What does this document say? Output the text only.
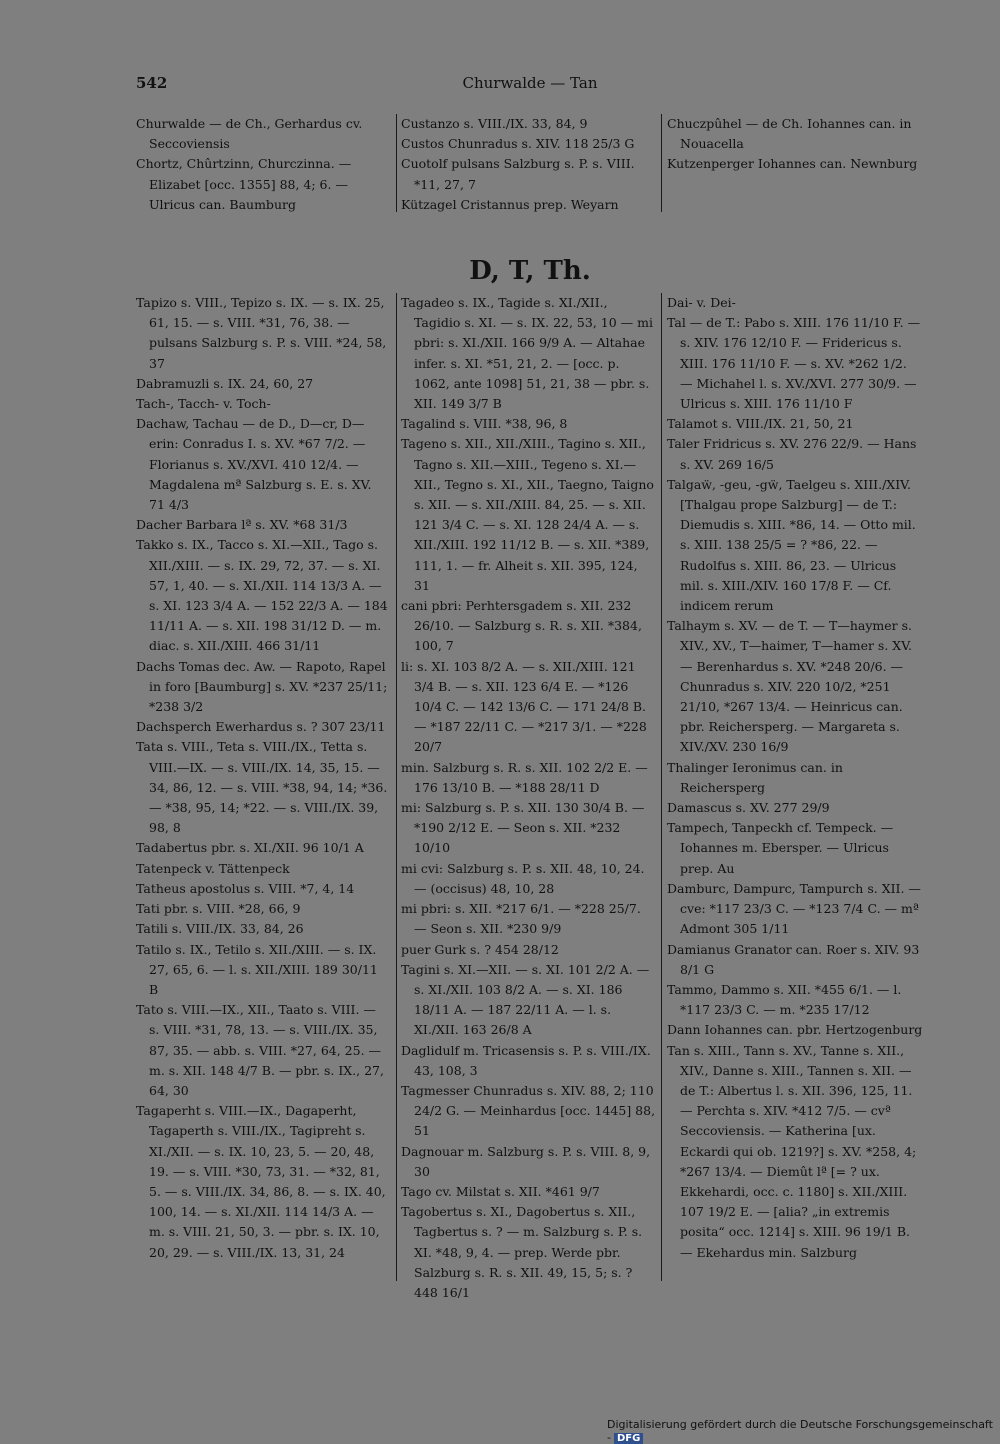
542	Churwalde — Tan

Churwalde — de Ch., Gerhardus cv. Seccoviensis

Chortz, Chûrtzinn, Churczinna. — Elizabet [occ. 1355] 88, 4; 6. — Ulricus can. Baumburg

Custanzo s. VIII./IX. 33, 84, 9

Custos Chunradus s. XIV. 118 25/3 G

Cuotolf pulsans Salzburg s. P. s. VIII. *11, 27, 7

Kützagel Cristannus prep. Weyarn

Chuczpûhel — de Ch. Iohannes can. in Nouacella

Kutzenperger Iohannes can. Newnburg

D, T, Th.

Tapizo s. VIII., Tepizo s. IX. — s. IX. 25, 61, 15. — s. VIII. *31, 76, 38. — pulsans Salzburg s. P. s. VIII. *24, 58, 37

Dabramuzli s. IX. 24, 60, 27

Tach-, Tacch- v. Toch-

Dachaw, Tachau — de D., D—cr, D—erin: Conradus I. s. XV. *67 7/2. — Florianus s. XV./XVI. 410 12/4. — Magdalena mª Salzburg s. E. s. XV. 71 4/3

Dacher Barbara lª s. XV. *68 31/3

Takko s. IX., Tacco s. XI.—XII., Tago s. XII./XIII. — s. IX. 29, 72, 37. — s. XI. 57, 1, 40. — s. XI./XII. 114 13/3 A. — s. XI. 123 3/4 A. — 152 22/3 A. — 184 11/11 A. — s. XII. 198 31/12 D. — m. diac. s. XII./XIII. 466 31/11

Dachs Tomas dec. Aw. — Rapoto, Rapel in foro [Baumburg] s. XV. *237 25/11; *238 3/2

Dachsperch Ewerhardus s. ? 307 23/11

Tata s. VIII., Teta s. VIII./IX., Tetta s. VIII.—IX. — s. VIII./IX. 14, 35, 15. — 34, 86, 12. — s. VIII. *38, 94, 14; *36. — *38, 95, 14; *22. — s. VIII./IX. 39, 98, 8

Tadabertus pbr. s. XI./XII. 96 10/1 A

Tatenpeck v. Tättenpeck

Tatheus apostolus s. VIII. *7, 4, 14

Tati pbr. s. VIII. *28, 66, 9

Tatili s. VIII./IX. 33, 84, 26

Tatilo s. IX., Tetilo s. XII./XIII. — s. IX. 27, 65, 6. — l. s. XII./XIII. 189 30/11 B

Tato s. VIII.—IX., XII., Taato s. VIII. — s. VIII. *31, 78, 13. — s. VIII./IX. 35, 87, 35. — abb. s. VIII. *27, 64, 25. — m. s. XII. 148 4/7 B. — pbr. s. IX., 27, 64, 30

Tagaperht s. VIII.—IX., Dagaperht, Tagaperth s. VIII./IX., Tagipreht s. XI./XII. — s. IX. 10, 23, 5. — 20, 48, 19. — s. VIII. *30, 73, 31. — *32, 81, 5. — s. VIII./IX. 34, 86, 8. — s. IX. 40, 100, 14. — s. XI./XII. 114 14/3 A. — m. s. VIII. 21, 50, 3. — pbr. s. IX. 10, 20, 29. — s. VIII./IX. 13, 31, 24

Tagadeo s. IX., Tagide s. XI./XII., Tagidio s. XI. — s. IX. 22, 53, 10 — mi pbri: s. XI./XII. 166 9/9 A. — Altahae infer. s. XI. *51, 21, 2. — [occ. p. 1062, ante 1098] 51, 21, 38 — pbr. s. XII. 149 3/7 B

Tagalind s. VIII. *38, 96, 8

Tageno s. XII., XII./XIII., Tagino s. XII., Tagno s. XII.—XIII., Tegeno s. XI.—XII., Tegno s. XI., XII., Taegno, Taigno s. XII. — s. XII./XIII. 84, 25. — s. XII. 121 3/4 C. — s. XI. 128 24/4 A. — s. XII./XIII. 192 11/12 B. — s. XII. *389, 111, 1. — fr. Alheit s. XII. 395, 124, 31

cani pbri: Perhtersgadem s. XII. 232 26/10. — Salzburg s. R. s. XII. *384, 100, 7

li: s. XI. 103 8/2 A. — s. XII./XIII. 121 3/4 B. — s. XII. 123 6/4 E. — *126 10/4 C. — 142 13/6 C. — 171 24/8 B. — *187 22/11 C. — *217 3/1. — *228 20/7

min. Salzburg s. R. s. XII. 102 2/2 E. — 176 13/10 B. — *188 28/11 D

mi: Salzburg s. P. s. XII. 130 30/4 B. — *190 2/12 E. — Seon s. XII. *232 10/10

mi cvi: Salzburg s. P. s. XII. 48, 10, 24. — (occisus) 48, 10, 28

mi pbri: s. XII. *217 6/1. — *228 25/7. — Seon s. XII. *230 9/9

puer Gurk s. ? 454 28/12

Tagini s. XI.—XII. — s. XI. 101 2/2 A. — s. XI./XII. 103 8/2 A. — s. XI. 186 18/11 A. — 187 22/11 A. — l. s. XI./XII. 163 26/8 A

Daglidulf m. Tricasensis s. P. s. VIII./IX. 43, 108, 3

Tagmesser Chunradus s. XIV. 88, 2; 110 24/2 G. — Meinhardus [occ. 1445] 88, 51

Dagnouar m. Salzburg s. P. s. VIII. 8, 9, 30

Tago cv. Milstat s. XII. *461 9/7

Tagobertus s. XI., Dagobertus s. XII., Tagbertus s. ? — m. Salzburg s. P. s. XI. *48, 9, 4. — prep. Werde pbr. Salzburg s. R. s. XII. 49, 15, 5; s. ? 448 16/1

Dai- v. Dei-

Tal — de T.: Pabo s. XIII. 176 11/10 F. — s. XIV. 176 12/10 F. — Fridericus s. XIII. 176 11/10 F. — s. XV. *262 1/2. — Michahel l. s. XV./XVI. 277 30/9. — Ulricus s. XIII. 176 11/10 F

Talamot s. VIII./IX. 21, 50, 21

Taler Fridricus s. XV. 276 22/9. — Hans s. XV. 269 16/5

Talgaẅ, -geu, -gẅ, Taelgeu s. XIII./XIV. [Thalgau prope Salzburg] — de T.: Diemudis s. XIII. *86, 14. — Otto mil. s. XIII. 138 25/5 = ? *86, 22. — Rudolfus s. XIII. 86, 23. — Ulricus mil. s. XIII./XIV. 160 17/8 F. — Cf. indicem rerum

Talhaym s. XV. — de T. — T—haymer s. XIV., XV., T—haimer, T—hamer s. XV. — Berenhardus s. XV. *248 20/6. — Chunradus s. XIV. 220 10/2, *251 21/10, *267 13/4. — Heinricus can. pbr. Reichersperg. — Margareta s. XIV./XV. 230 16/9

Thalinger Ieronimus can. in Reichersperg

Damascus s. XV. 277 29/9

Tampech, Tanpeckh cf. Tempeck. — Iohannes m. Ebersper. — Ulricus prep. Au

Damburc, Dampurc, Tampurch s. XII. — cve: *117 23/3 C. — *123 7/4 C. — mª Admont 305 1/11

Damianus Granator can. Roer s. XIV. 93 8/1 G

Tammo, Dammo s. XII. *455 6/1. — l. *117 23/3 C. — m. *235 17/12

Dann Iohannes can. pbr. Hertzogenburg

Tan s. XIII., Tann s. XV., Tanne s. XII., XIV., Danne s. XIII., Tannen s. XII. — de T.: Albertus l. s. XII. 396, 125, 11. — Perchta s. XIV. *412 7/5. — cvª Seccoviensis. — Katherina [ux. Eckardi qui ob. 1219?] s. XV. *258, 4; *267 13/4. — Diemût lª [= ? ux. Ekkehardi, occ. c. 1180] s. XII./XIII. 107 19/2 E. — [alia? „in extremis posita“ occ. 1214] s. XIII. 96 19/1 B. — Ekehardus min. Salzburg

Digitalisierung gefördert durch die Deutsche Forschungsgemeinschaft - DFG
